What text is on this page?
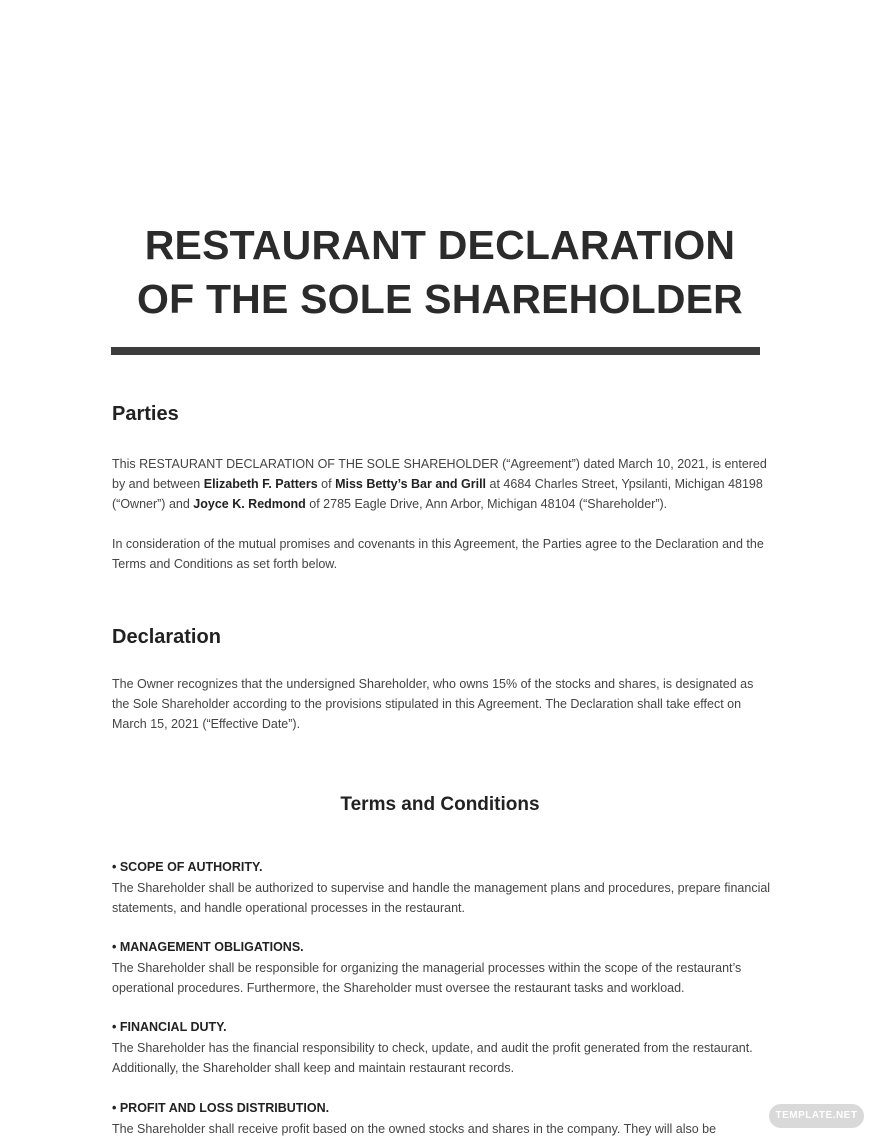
RESTAURANT DECLARATION
OF THE SOLE SHAREHOLDER
Parties
This RESTAURANT DECLARATION OF THE SOLE SHAREHOLDER (“Agreement”) dated March 10, 2021, is entered by and between Elizabeth F. Patters of Miss Betty’s Bar and Grill at 4684 Charles Street, Ypsilanti, Michigan 48198 (“Owner”) and Joyce K. Redmond of 2785 Eagle Drive, Ann Arbor, Michigan 48104 (“Shareholder”).
In consideration of the mutual promises and covenants in this Agreement, the Parties agree to the Declaration and the Terms and Conditions as set forth below.
Declaration
The Owner recognizes that the undersigned Shareholder, who owns 15% of the stocks and shares, is designated as the Sole Shareholder according to the provisions stipulated in this Agreement. The Declaration shall take effect on March 15, 2021 (“Effective Date”).
Terms and Conditions
• SCOPE OF AUTHORITY.
The Shareholder shall be authorized to supervise and handle the management plans and procedures, prepare financial statements, and handle operational processes in the restaurant.
• MANAGEMENT OBLIGATIONS.
The Shareholder shall be responsible for organizing the managerial processes within the scope of the restaurant’s operational procedures. Furthermore, the Shareholder must oversee the restaurant tasks and workload.
• FINANCIAL DUTY.
The Shareholder has the financial responsibility to check, update, and audit the profit generated from the restaurant. Additionally, the Shareholder shall keep and maintain restaurant records.
• PROFIT AND LOSS DISTRIBUTION.
The Shareholder shall receive profit based on the owned stocks and shares in the company. They will also be
TEMPLATE.NET
